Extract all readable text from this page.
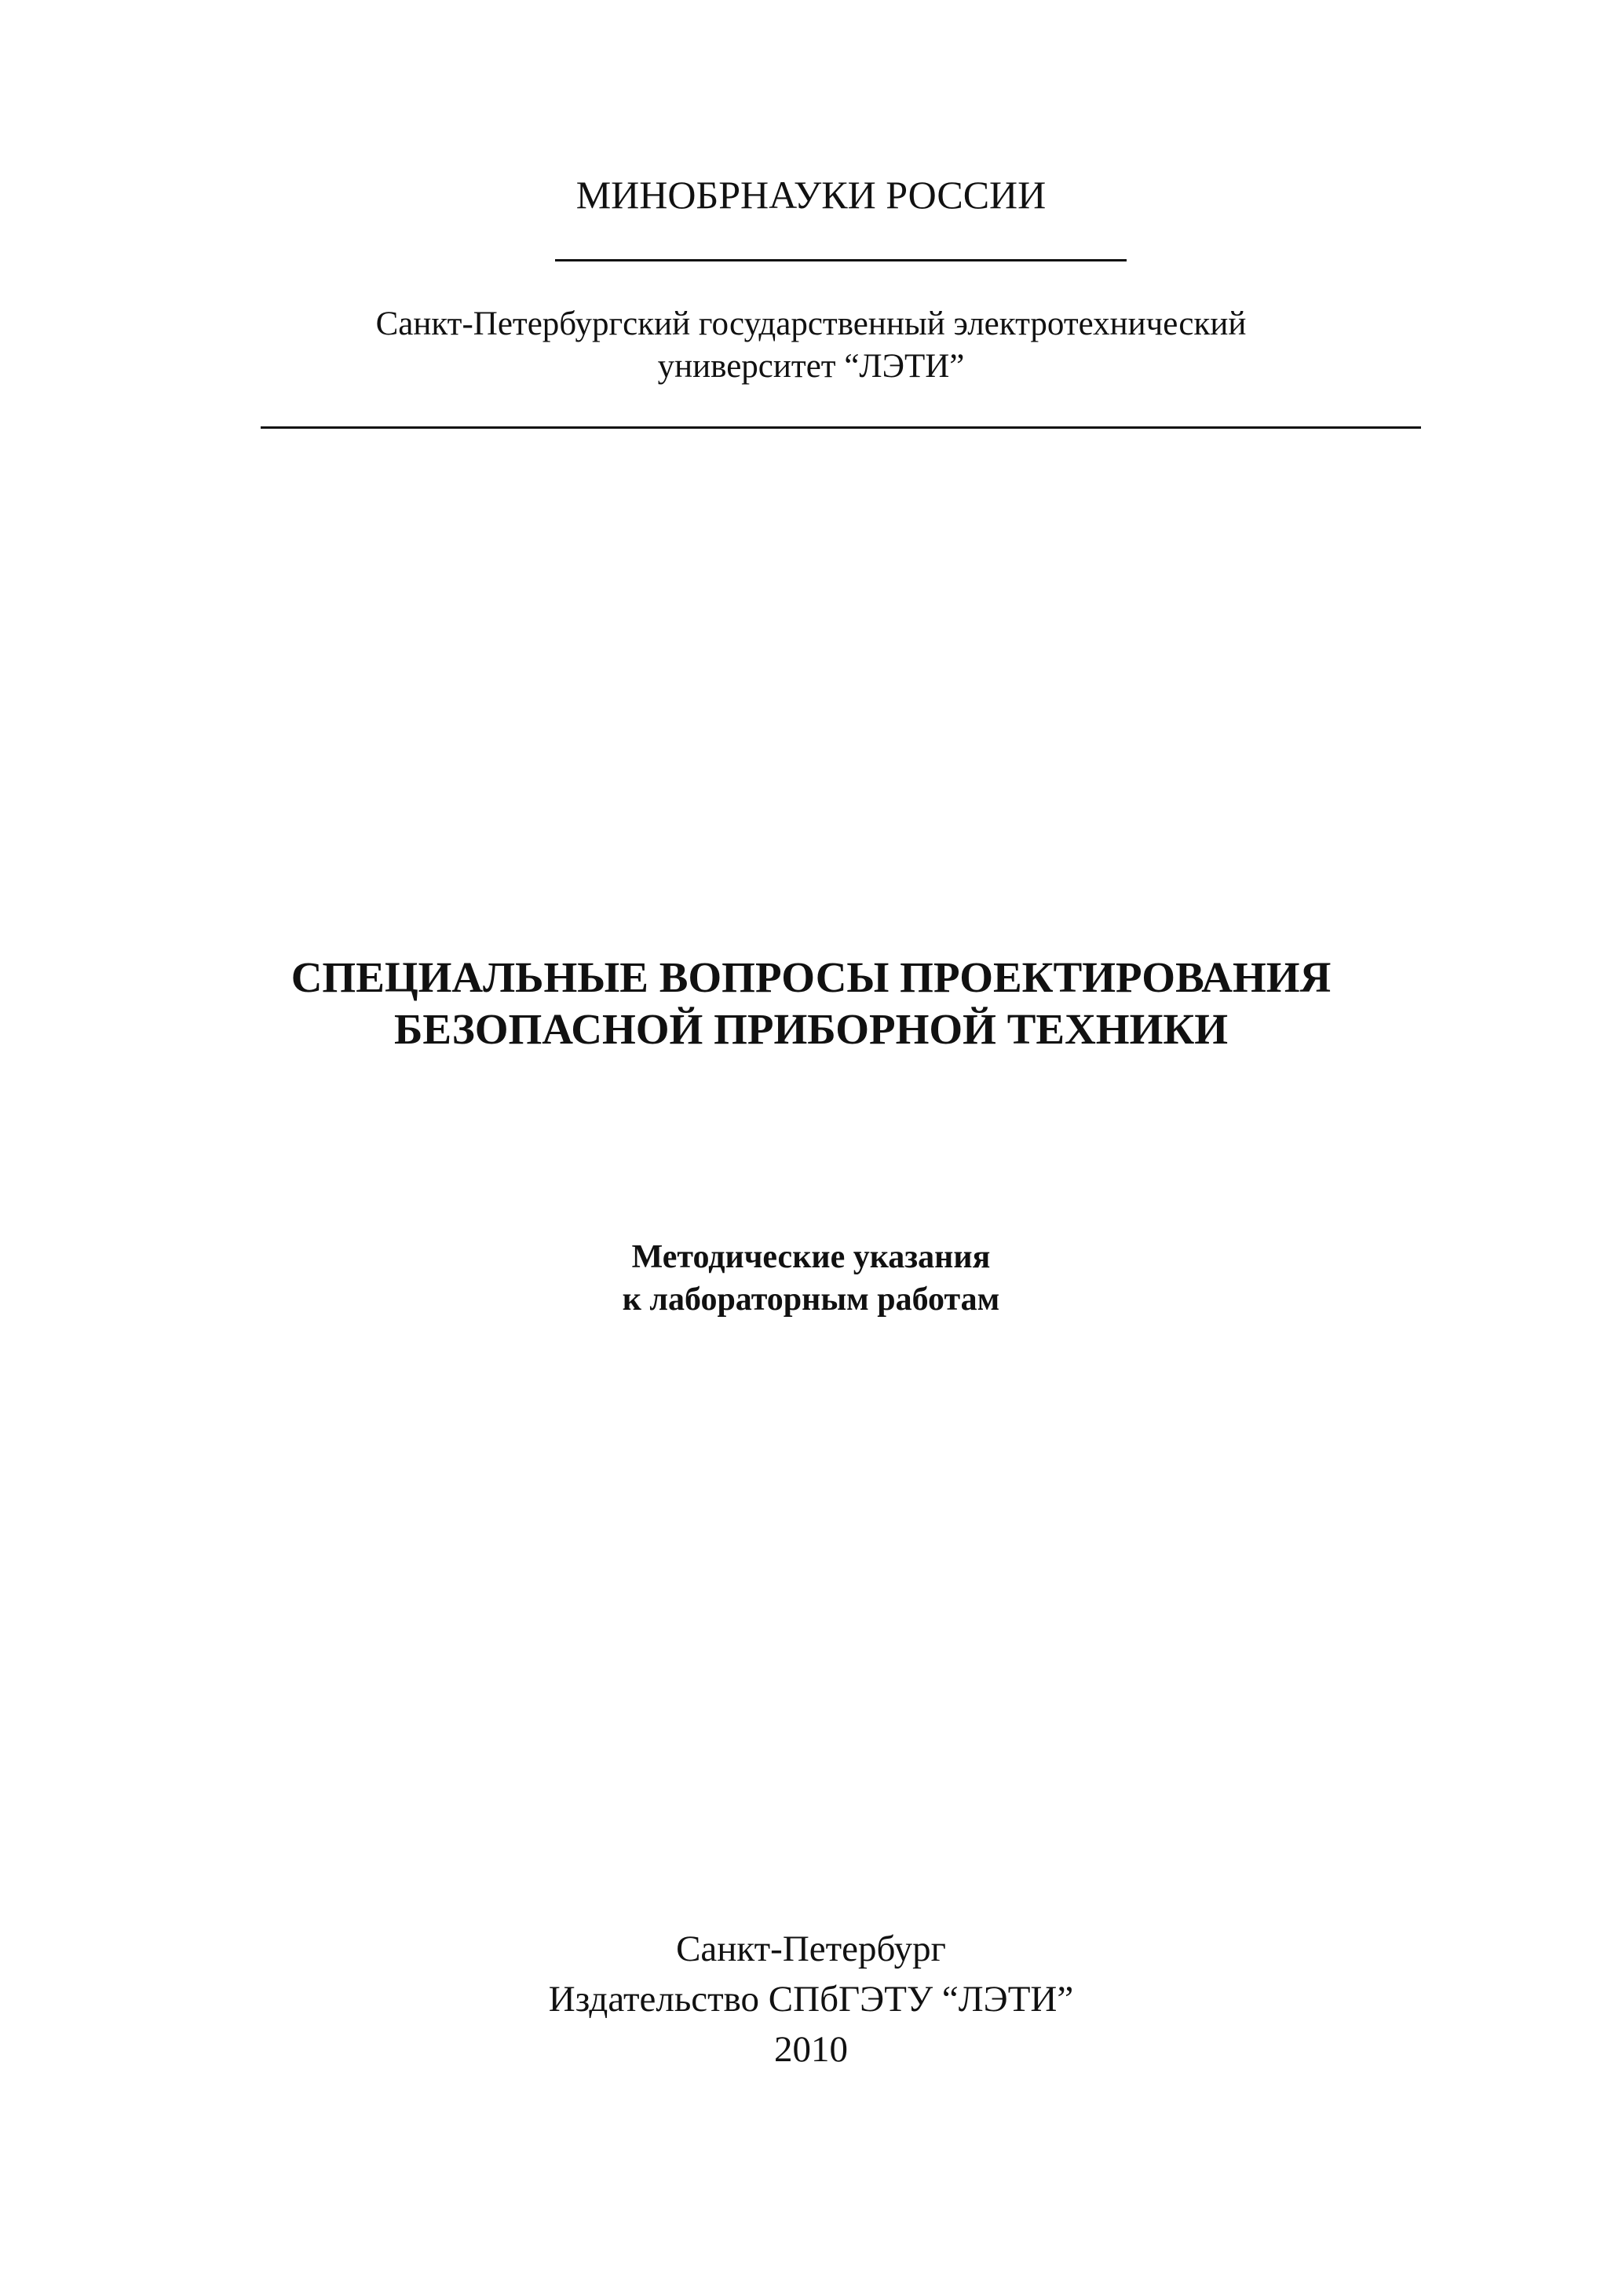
МИНОБРНАУКИ РОССИИ
Санкт-Петербургский государственный электротехнический
университет “ЛЭТИ”
СПЕЦИАЛЬНЫЕ ВОПРОСЫ ПРОЕКТИРОВАНИЯ
БЕЗОПАСНОЙ ПРИБОРНОЙ ТЕХНИКИ
Методические указания
к лабораторным работам
Санкт-Петербург
Издательство СПбГЭТУ “ЛЭТИ”
2010
